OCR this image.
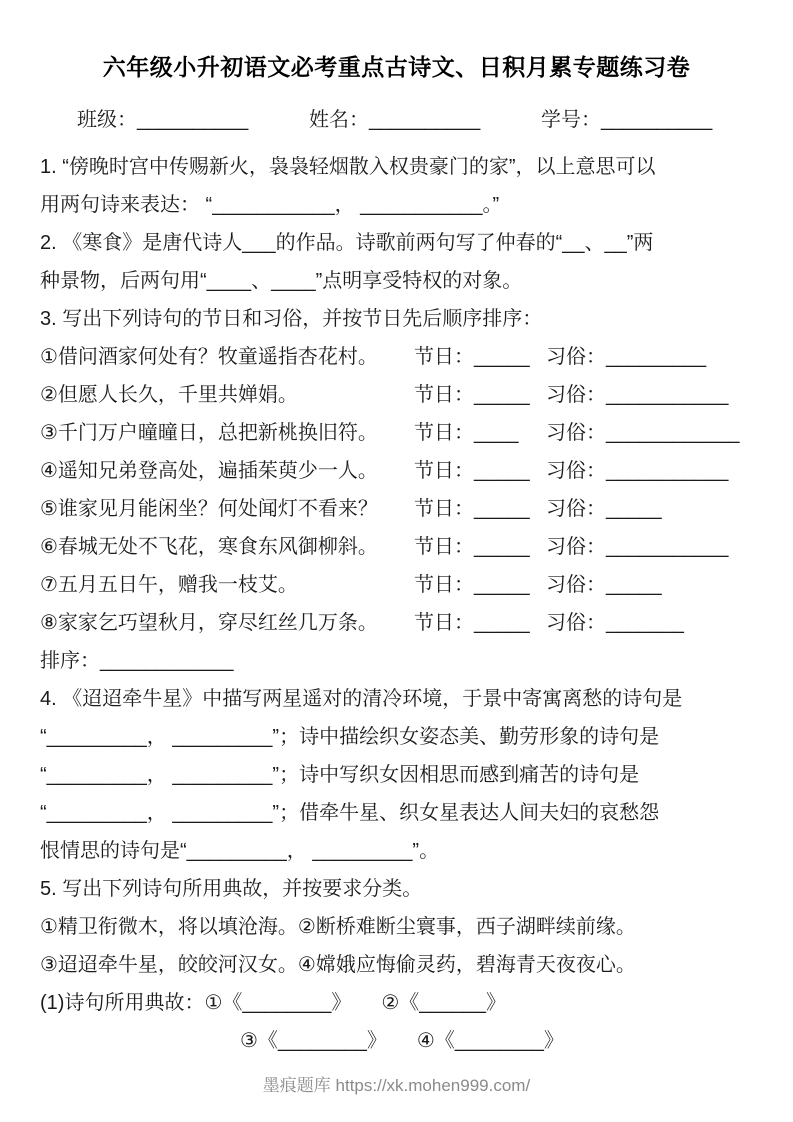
六年级小升初语文必考重点古诗文、日积月累专题练习卷
班级：__________	姓名：__________	学号：__________
1. “傍晚时宫中传赐新火，袅袅轻烟散入权贵豪门的家”，以上意思可以
用两句诗来表达： “___________， ___________。”
2. 《寒食》是唐代诗人___的作品。诗歌前两句写了仲春的“__、__”两
种景物，后两句用“____、____”点明享受特权的对象。
3. 写出下列诗句的节日和习俗，并按节日先后顺序排序：
①借问酒家何处有？牧童遥指杏花村。	节日：_____ 习俗：_________
②但愿人长久，千里共婵娟。	节日：_____ 习俗：___________
③千门万户曈曈日，总把新桃换旧符。	节日：____	习俗：____________
④遥知兄弟登高处，遍插茱萸少一人。	节日：_____ 习俗：___________
⑤谁家见月能闲坐？何处闻灯不看来？	节日：_____ 习俗：_____
⑥春城无处不飞花，寒食东风御柳斜。	节日：_____ 习俗：___________
⑦五月五日午，赠我一枝艾。	节日：_____ 习俗：_____
⑧家家乞巧望秋月，穿尽红丝几万条。	节日：_____ 习俗：_______
排序：____________
4. 《迢迢牵牛星》中描写两星遥对的清冷环境，于景中寄寓离愁的诗句是
“_________， _________”；诗中描绘织女姿态美、勤劳形象的诗句是
“_________， _________”；诗中写织女因相思而感到痛苦的诗句是
“_________， _________”；借牵牛星、织女星表达人间夫妇的哀愁怨
恨情思的诗句是“_________， _________”。
5. 写出下列诗句所用典故，并按要求分类。
①精卫衔微木，将以填沧海。②断桥难断尘寰事，西子湖畔续前缘。
③迢迢牵牛星，皎皎河汉女。④嫦娥应悔偷灵药，碧海青天夜夜心。
(1)诗句所用典故：①《________》　　②《______》
③《________》　　④《________》
墨痕题库 https://xk.mohen999.com/
